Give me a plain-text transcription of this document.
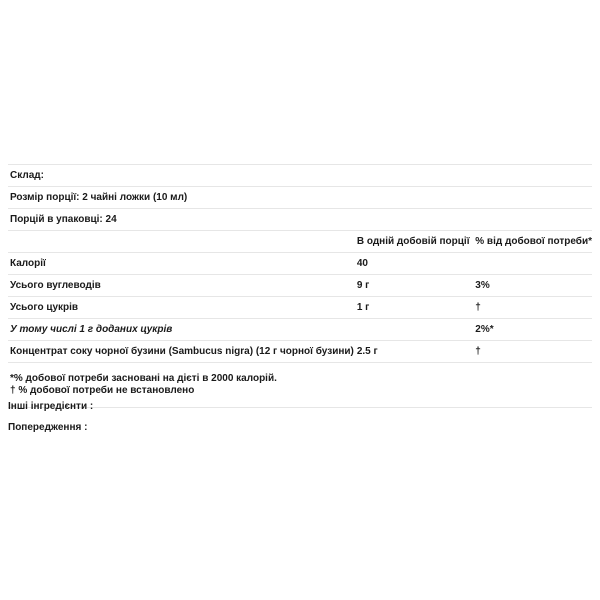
Склад:		
Розмір порції: 2 чайні ложки (10 мл)		
Порцій в упаковці: 24		
	В одній добовій порції	% від добової потреби*
Калорії	40	
Усього вуглеводів	9 г	3%
Усього цукрів	1 г	†
У тому числі 1 г доданих цукрів		2%*
Концентрат соку чорної бузини (Sambucus nigra) (12 г чорної бузини)	2.5 г	†

*% добової потреби засновані на дієті в 2000 калорій.
† % добової потреби не встановлено		
Інші інгредієнти :
Попередження :
